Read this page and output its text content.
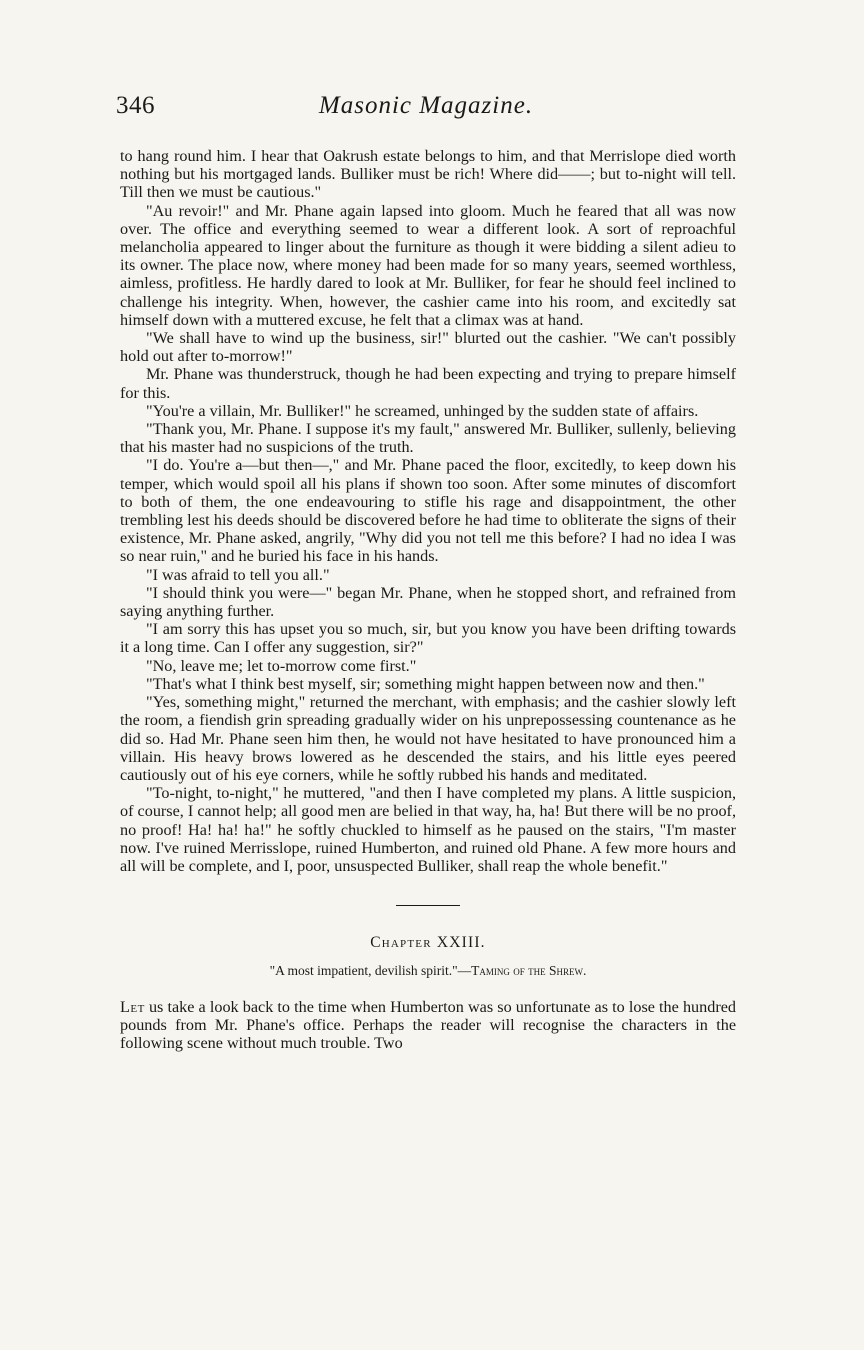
346	Masonic Magazine.

to hang round him. I hear that Oakrush estate belongs to him, and that Merrislope died worth nothing but his mortgaged lands. Bulliker must be rich! Where did——; but to-night will tell. Till then we must be cautious."

"Au revoir!" and Mr. Phane again lapsed into gloom. Much he feared that all was now over. The office and everything seemed to wear a different look. A sort of reproachful melancholia appeared to linger about the furniture as though it were bidding a silent adieu to its owner. The place now, where money had been made for so many years, seemed worthless, aimless, profitless. He hardly dared to look at Mr. Bulliker, for fear he should feel inclined to challenge his integrity. When, however, the cashier came into his room, and excitedly sat himself down with a muttered excuse, he felt that a climax was at hand.

"We shall have to wind up the business, sir!" blurted out the cashier. "We can't possibly hold out after to-morrow!"

Mr. Phane was thunderstruck, though he had been expecting and trying to prepare himself for this.

"You're a villain, Mr. Bulliker!" he screamed, unhinged by the sudden state of affairs.

"Thank you, Mr. Phane. I suppose it's my fault," answered Mr. Bulliker, sullenly, believing that his master had no suspicions of the truth.

"I do. You're a—but then—," and Mr. Phane paced the floor, excitedly, to keep down his temper, which would spoil all his plans if shown too soon. After some minutes of discomfort to both of them, the one endeavouring to stifle his rage and disappointment, the other trembling lest his deeds should be discovered before he had time to obliterate the signs of their existence, Mr. Phane asked, angrily, "Why did you not tell me this before? I had no idea I was so near ruin," and he buried his face in his hands.

"I was afraid to tell you all."

"I should think you were—" began Mr. Phane, when he stopped short, and refrained from saying anything further.

"I am sorry this has upset you so much, sir, but you know you have been drifting towards it a long time. Can I offer any suggestion, sir?"

"No, leave me; let to-morrow come first."

"That's what I think best myself, sir; something might happen between now and then."

"Yes, something might," returned the merchant, with emphasis; and the cashier slowly left the room, a fiendish grin spreading gradually wider on his unprepossessing countenance as he did so. Had Mr. Phane seen him then, he would not have hesitated to have pronounced him a villain. His heavy brows lowered as he descended the stairs, and his little eyes peered cautiously out of his eye corners, while he softly rubbed his hands and meditated.

"To-night, to-night," he muttered, "and then I have completed my plans. A little suspicion, of course, I cannot help; all good men are belied in that way, ha, ha! But there will be no proof, no proof! Ha! ha! ha!" he softly chuckled to himself as he paused on the stairs, "I'm master now. I've ruined Merrisslope, ruined Humberton, and ruined old Phane. A few more hours and all will be complete, and I, poor, unsuspected Bulliker, shall reap the whole benefit."

Chapter XXIII.
"A most impatient, devilish spirit."—Taming of the Shrew.

Let us take a look back to the time when Humberton was so unfortunate as to lose the hundred pounds from Mr. Phane's office. Perhaps the reader will recognise the characters in the following scene without much trouble. Two
